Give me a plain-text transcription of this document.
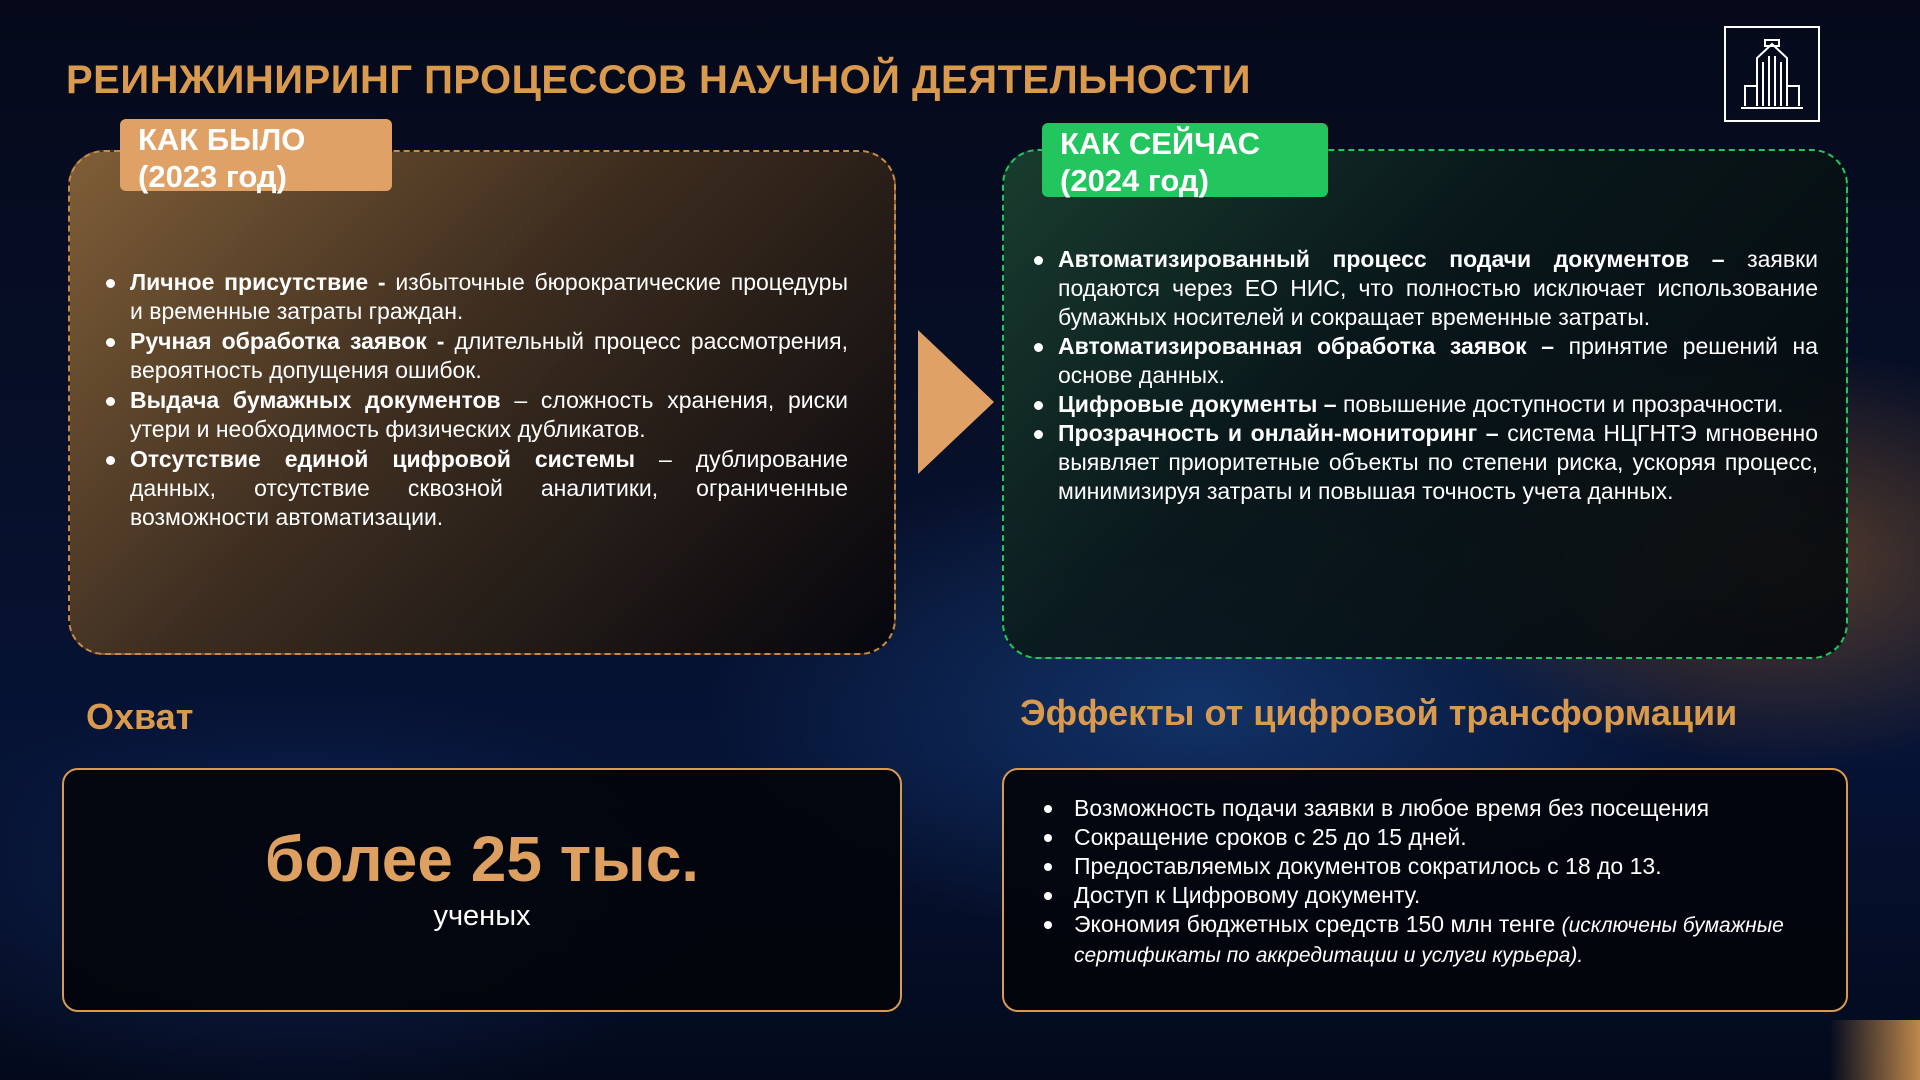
РЕИНЖИНИРИНГ ПРОЦЕССОВ НАУЧНОЙ ДЕЯТЕЛЬНОСТИ
КАК БЫЛО
(2023 год)
Личное присутствие - избыточные бюрократические процедуры и временные затраты граждан.
Ручная обработка заявок - длительный процесс рассмотрения, вероятность допущения ошибок.
Выдача бумажных документов – сложность хранения, риски утери и необходимость физических дубликатов.
Отсутствие единой цифровой системы – дублирование данных, отсутствие сквозной аналитики, ограниченные возможности автоматизации.
КАК СЕЙЧАС
(2024 год)
Автоматизированный процесс подачи документов – заявки подаются через ЕО НИС, что полностью исключает использование бумажных носителей и сокращает временные затраты.
Автоматизированная обработка заявок – принятие решений на основе данных.
Цифровые документы – повышение доступности и прозрачности.
Прозрачность и онлайн-мониторинг – система НЦГНТЭ мгновенно выявляет приоритетные объекты по степени риска, ускоряя процесс, минимизируя затраты и повышая точность учета данных.
Охват
более 25 тыс.
ученых
Эффекты от цифровой трансформации
Возможность подачи заявки в любое время без посещения
Сокращение сроков с 25 до 15 дней.
Предоставляемых документов сократилось с 18 до 13.
Доступ к Цифровому документу.
Экономия бюджетных средств 150 млн тенге (исключены бумажные сертификаты по аккредитации и услуги курьера).
